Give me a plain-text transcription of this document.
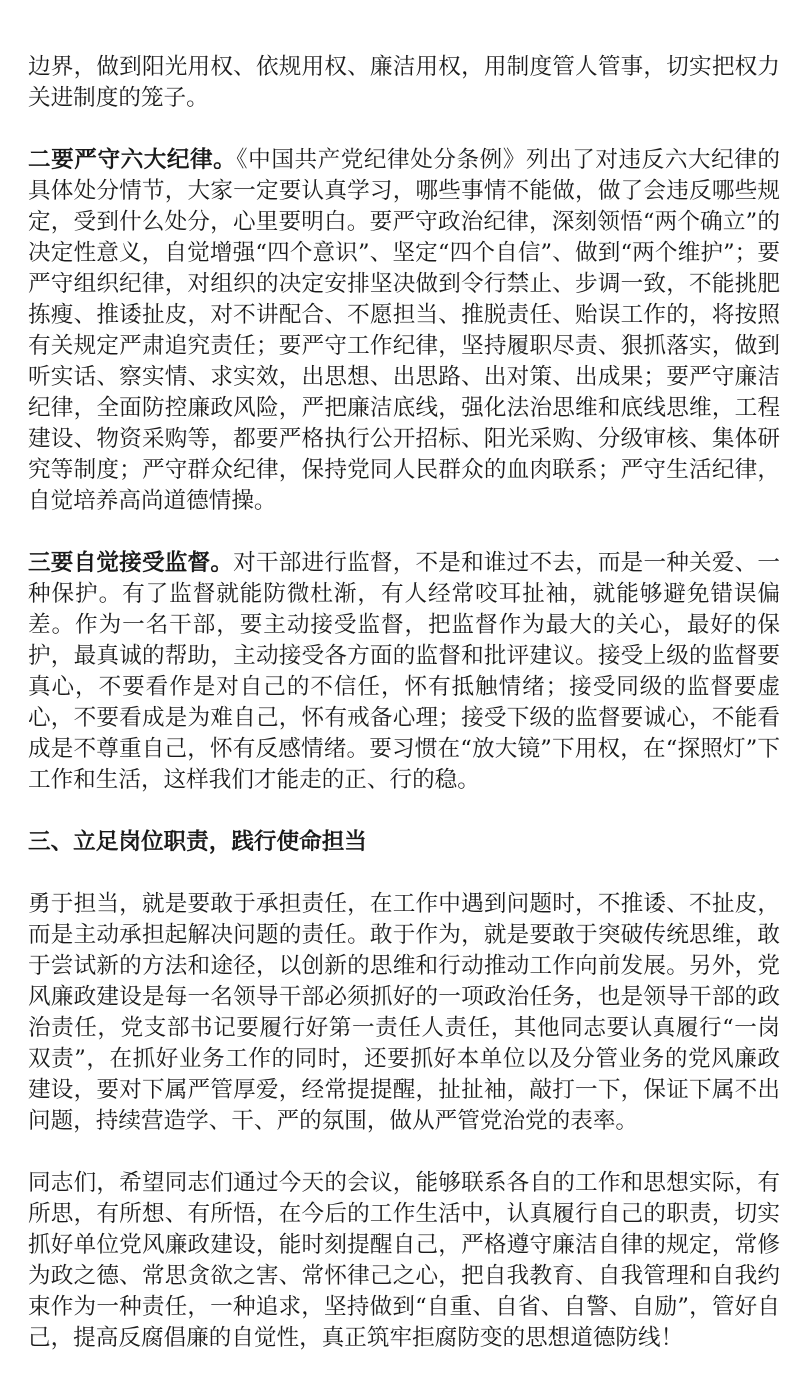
边界，做到阳光用权、依规用权、廉洁用权，用制度管人管事，切实把权力关进制度的笼子。

二要严守六大纪律。《中国共产党纪律处分条例》列出了对违反六大纪律的具体处分情节，大家一定要认真学习，哪些事情不能做，做了会违反哪些规定，受到什么处分，心里要明白。要严守政治纪律，深刻领悟“两个确立”的决定性意义，自觉增强“四个意识”、坚定“四个自信”、做到“两个维护”；要严守组织纪律，对组织的决定安排坚决做到令行禁止、步调一致，不能挑肥拣瘦、推诿扯皮，对不讲配合、不愿担当、推脱责任、贻误工作的，将按照有关规定严肃追究责任；要严守工作纪律，坚持履职尽责、狠抓落实，做到听实话、察实情、求实效，出思想、出思路、出对策、出成果；要严守廉洁纪律，全面防控廉政风险，严把廉洁底线，强化法治思维和底线思维，工程建设、物资采购等，都要严格执行公开招标、阳光采购、分级审核、集体研究等制度；严守群众纪律，保持党同人民群众的血肉联系；严守生活纪律，自觉培养高尚道德情操。

三要自觉接受监督。对干部进行监督，不是和谁过不去，而是一种关爱、一种保护。有了监督就能防微杜渐，有人经常咬耳扯袖，就能够避免错误偏差。作为一名干部，要主动接受监督，把监督作为最大的关心，最好的保护，最真诚的帮助，主动接受各方面的监督和批评建议。接受上级的监督要真心，不要看作是对自己的不信任，怀有抵触情绪；接受同级的监督要虚心，不要看成是为难自己，怀有戒备心理；接受下级的监督要诚心，不能看成是不尊重自己，怀有反感情绪。要习惯在“放大镜”下用权，在“探照灯”下工作和生活，这样我们才能走的正、行的稳。

三、立足岗位职责，践行使命担当

勇于担当，就是要敢于承担责任，在工作中遇到问题时，不推诿、不扯皮，而是主动承担起解决问题的责任。敢于作为，就是要敢于突破传统思维，敢于尝试新的方法和途径，以创新的思维和行动推动工作向前发展。另外，党风廉政建设是每一名领导干部必须抓好的一项政治任务，也是领导干部的政治责任，党支部书记要履行好第一责任人责任，其他同志要认真履行“一岗双责”，在抓好业务工作的同时，还要抓好本单位以及分管业务的党风廉政建设，要对下属严管厚爱，经常提提醒，扯扯袖，敲打一下，保证下属不出问题，持续营造学、干、严的氛围，做从严管党治党的表率。

同志们，希望同志们通过今天的会议，能够联系各自的工作和思想实际，有所思，有所想、有所悟，在今后的工作生活中，认真履行自己的职责，切实抓好单位党风廉政建设，能时刻提醒自己，严格遵守廉洁自律的规定，常修为政之德、常思贪欲之害、常怀律己之心，把自我教育、自我管理和自我约束作为一种责任，一种追求，坚持做到“自重、自省、自警、自励”，管好自己，提高反腐倡廉的自觉性，真正筑牢拒腐防变的思想道德防线！
